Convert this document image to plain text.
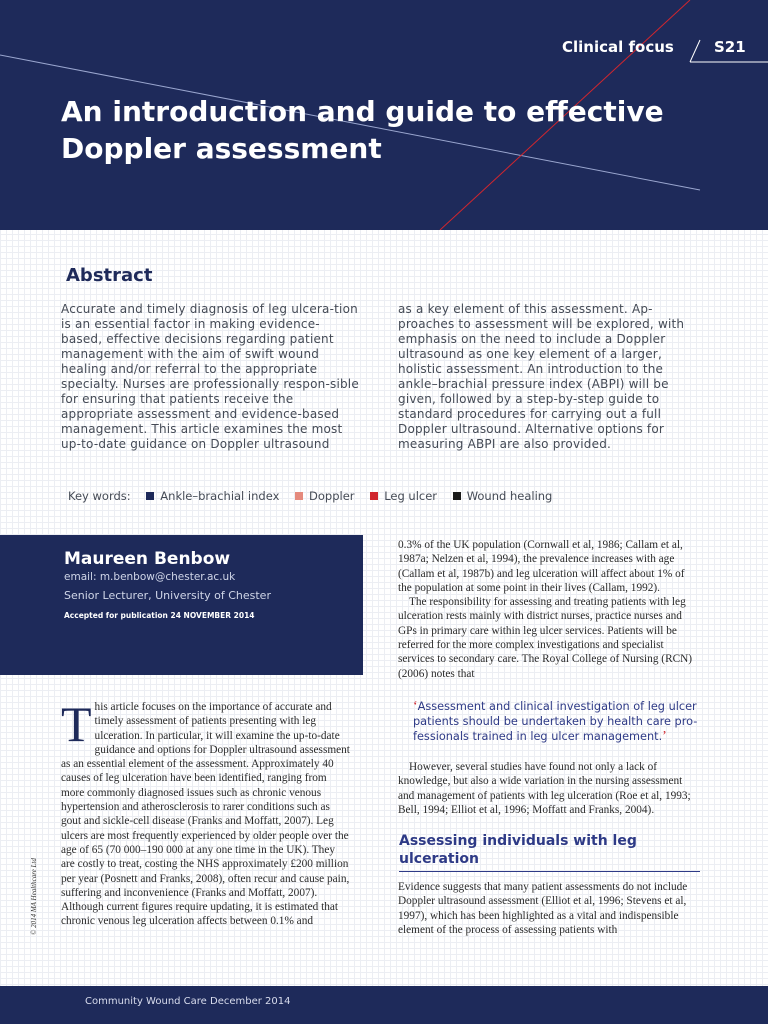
Clinical focus	S21
An introduction and guide to effective Doppler assessment
Abstract

Accurate and timely diagnosis of leg ulcera-tion is an essential factor in making evidence-based, effective decisions regarding patient management with the aim of swift wound healing and/or referral to the appropriate specialty. Nurses are professionally respon-sible for ensuring that patients receive the appropriate assessment and evidence-based management. This article examines the most up-to-date guidance on Doppler ultrasound

as a key element of this assessment. Ap-proaches to assessment will be explored, with emphasis on the need to include a Doppler ultrasound as one key element of a larger, holistic assessment. An introduction to the ankle–brachial pressure index (ABPI) will be given, followed by a step-by-step guide to standard procedures for carrying out a full Doppler ultrasound. Alternative options for measuring ABPI are also provided.

Key words:	Ankle–brachial index	Doppler	Leg ulcer	Wound healing
Maureen Benbow
email: m.benbow@chester.ac.uk
Senior Lecturer, University of Chester
Accepted for publication 24 NOVEMBER 2014
T his article focuses on the importance of accurate and timely assessment of patients presenting with leg ulceration. In particular, it will examine the up-to-date guidance and options for Doppler ultrasound assessment as an essential element of the assessment. Approximately 40 causes of leg ulceration have been identified, ranging from more commonly diagnosed issues such as chronic venous hypertension and atherosclerosis to rarer conditions such as gout and sickle-cell disease (Franks and Moffatt, 2007). Leg ulcers are most frequently experienced by older people over the age of 65 (70 000–190 000 at any one time in the UK). They are costly to treat, costing the NHS approximately £200 million per year (Posnett and Franks, 2008), often recur and cause pain, suffering and inconvenience (Franks and Moffatt, 2007). Although current figures require updating, it is estimated that chronic venous leg ulceration affects between 0.1% and

0.3% of the UK population (Cornwall et al, 1986; Callam et al, 1987a; Nelzen et al, 1994), the prevalence increases with age (Callam et al, 1987b) and leg ulceration will affect about 1% of the population at some point in their lives (Callam, 1992).

The responsibility for assessing and treating patients with leg ulceration rests mainly with district nurses, practice nurses and GPs in primary care within leg ulcer services. Patients will be referred for the more complex investigations and specialist services to secondary care. The Royal College of Nursing (RCN) (2006) notes that

‘Assessment and clinical investigation of leg ulcer patients should be undertaken by health care pro-fessionals trained in leg ulcer management.’

However, several studies have found not only a lack of knowledge, but also a wide variation in the nursing assessment and management of patients with leg ulceration (Roe et al, 1993; Bell, 1994; Elliot et al, 1996; Moffatt and Franks, 2004).

Assessing individuals with leg ulceration

Evidence suggests that many patient assessments do not include Doppler ultrasound assessment (Elliot et al, 1996; Stevens et al, 1997), which has been highlighted as a vital and indispensible element of the process of assessing patients with

© 2014 MA Healthcare Ltd
Community Wound Care December 2014
